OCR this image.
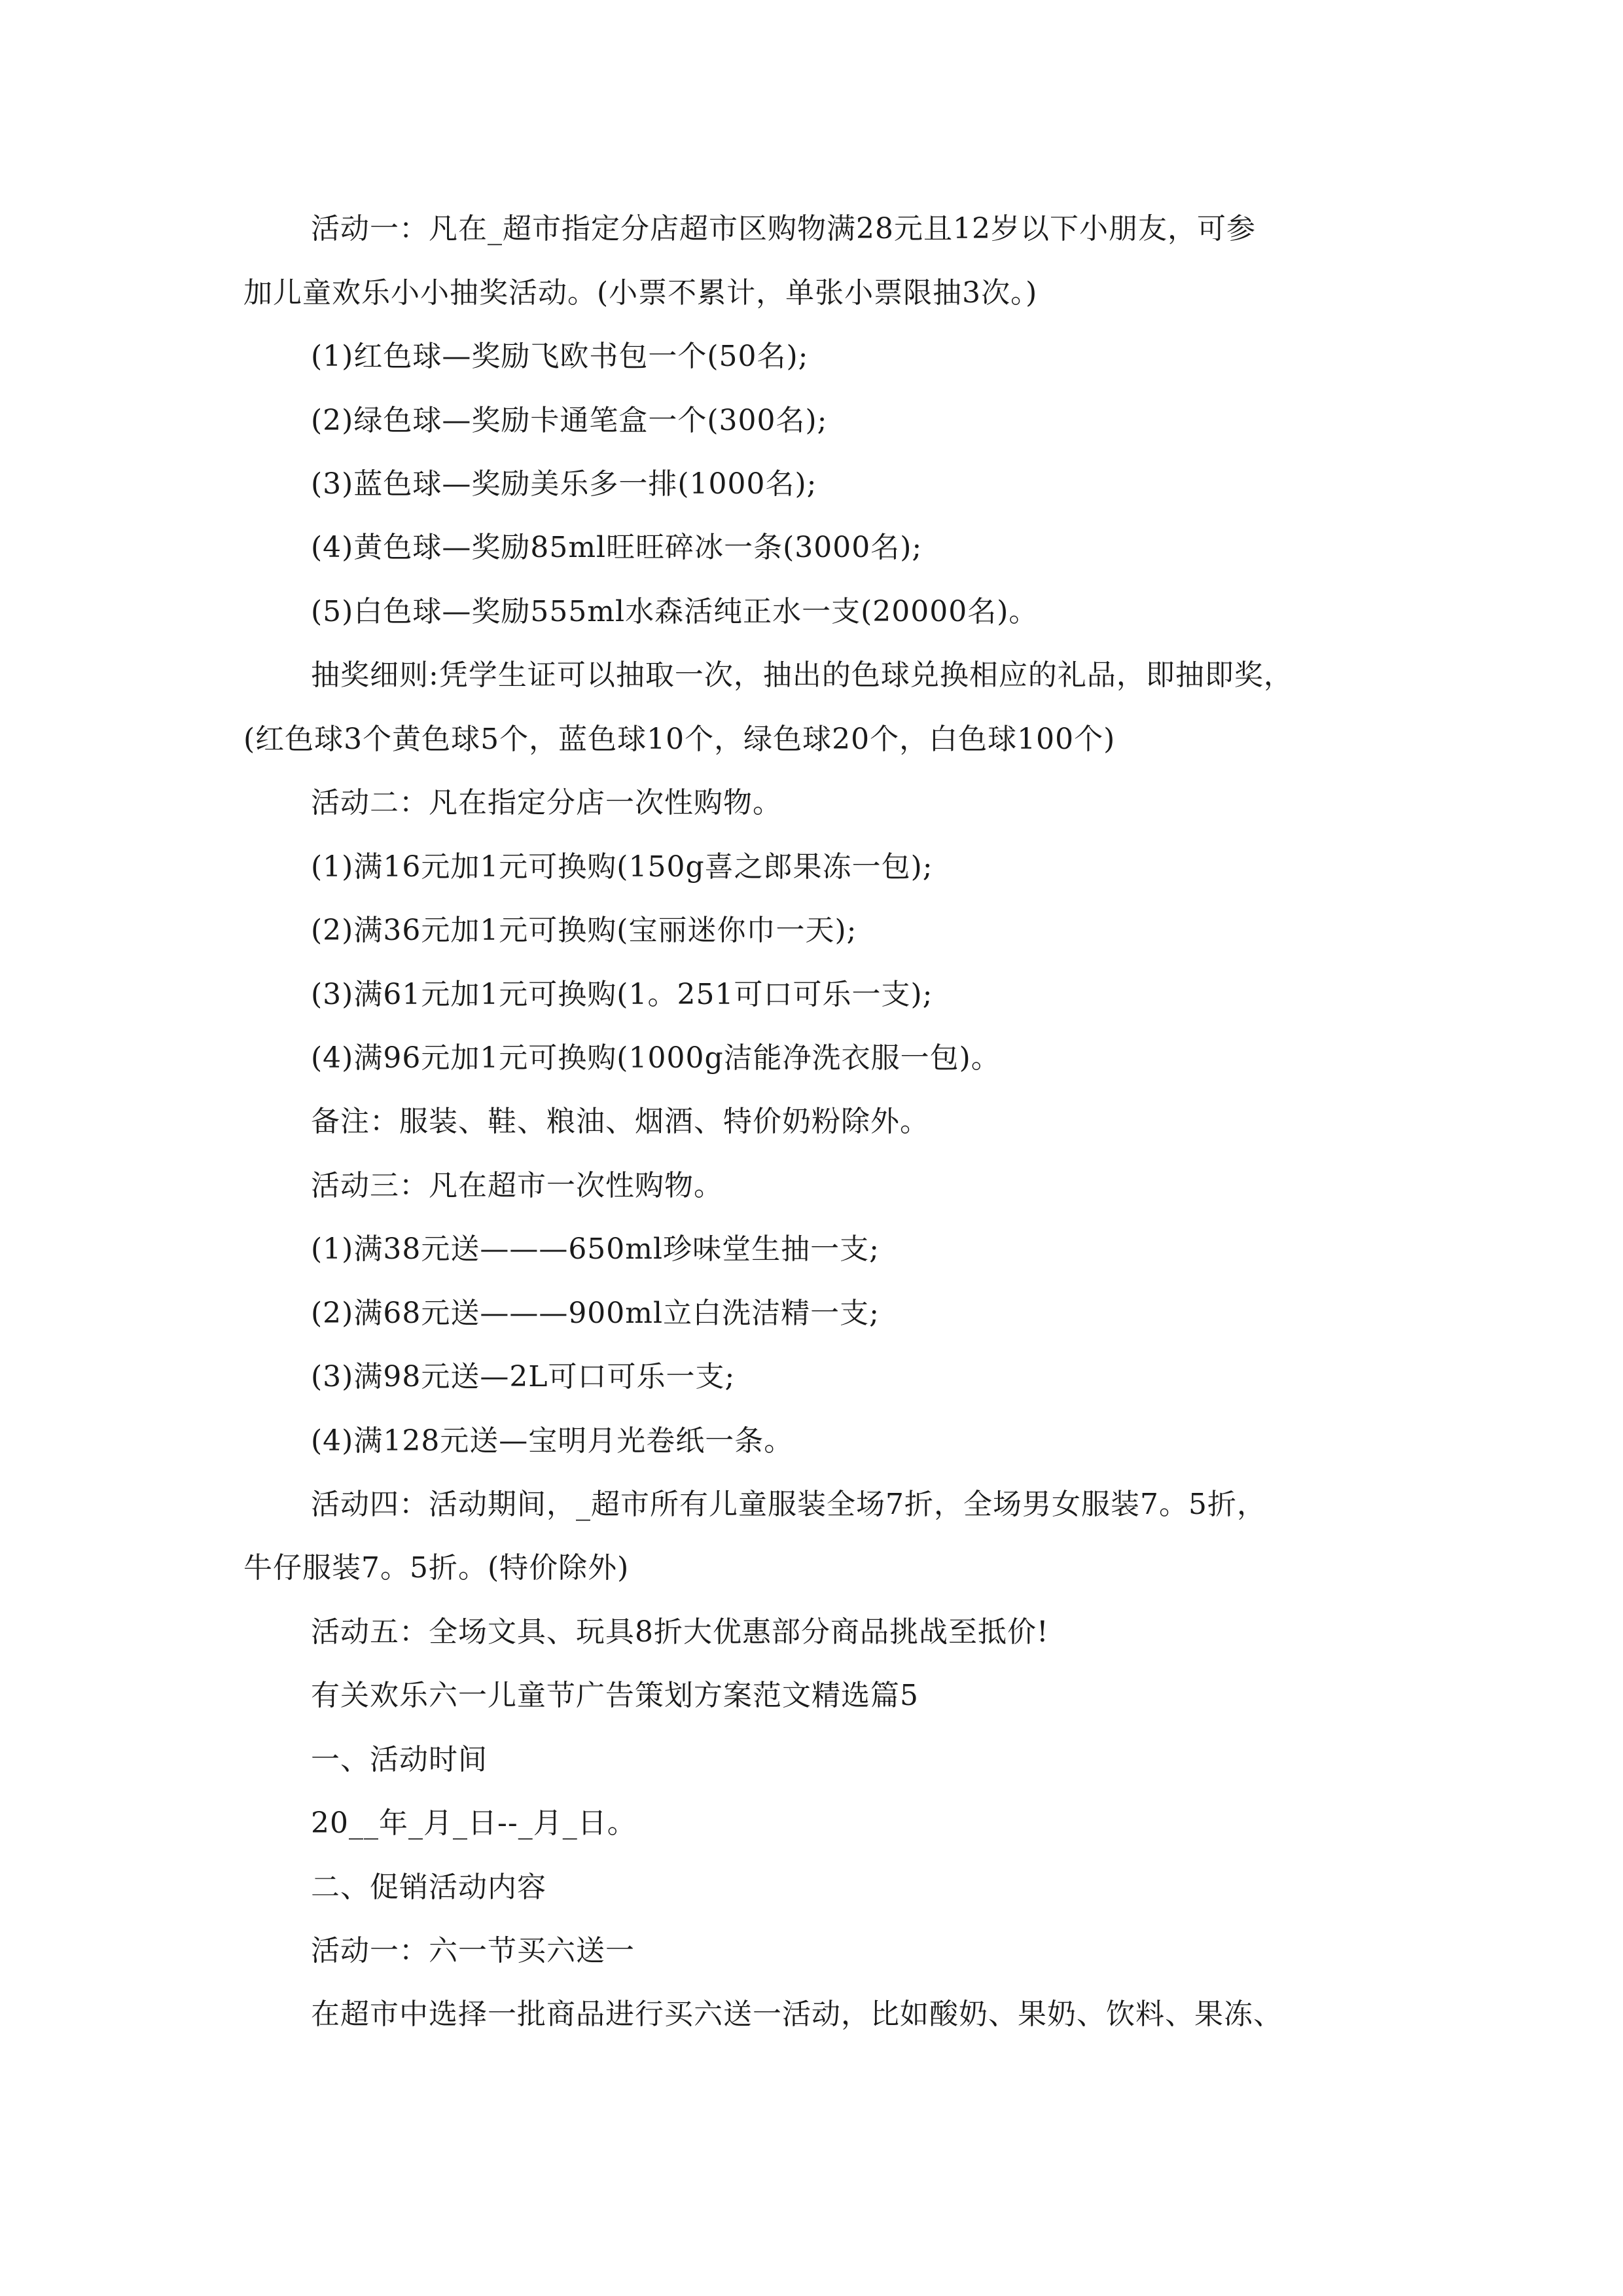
活动一：凡在_超市指定分店超市区购物满28元且12岁以下小朋友，可参
加儿童欢乐小小抽奖活动。(小票不累计，单张小票限抽3次。)
(1)红色球—奖励飞欧书包一个(50名);
(2)绿色球—奖励卡通笔盒一个(300名);
(3)蓝色球—奖励美乐多一排(1000名);
(4)黄色球—奖励85ml旺旺碎冰一条(3000名);
(5)白色球—奖励555ml水森活纯正水一支(20000名)。
抽奖细则:凭学生证可以抽取一次，抽出的色球兑换相应的礼品，即抽即奖，
(红色球3个黄色球5个，蓝色球10个，绿色球20个，白色球100个)
活动二：凡在指定分店一次性购物。
(1)满16元加1元可换购(150g喜之郎果冻一包);
(2)满36元加1元可换购(宝丽迷你巾一天);
(3)满61元加1元可换购(1。251可口可乐一支);
(4)满96元加1元可换购(1000g洁能净洗衣服一包)。
备注：服装、鞋、粮油、烟酒、特价奶粉除外。
活动三：凡在超市一次性购物。
(1)满38元送———650ml珍味堂生抽一支;
(2)满68元送———900ml立白洗洁精一支;
(3)满98元送—2L可口可乐一支;
(4)满128元送—宝明月光卷纸一条。
活动四：活动期间，_超市所有儿童服装全场7折，全场男女服装7。5折，
牛仔服装7。5折。(特价除外)
活动五：全场文具、玩具8折大优惠部分商品挑战至抵价!
有关欢乐六一儿童节广告策划方案范文精选篇5
一、活动时间
20__年_月_日--_月_日。
二、促销活动内容
活动一：六一节买六送一
在超市中选择一批商品进行买六送一活动，比如酸奶、果奶、饮料、果冻、
